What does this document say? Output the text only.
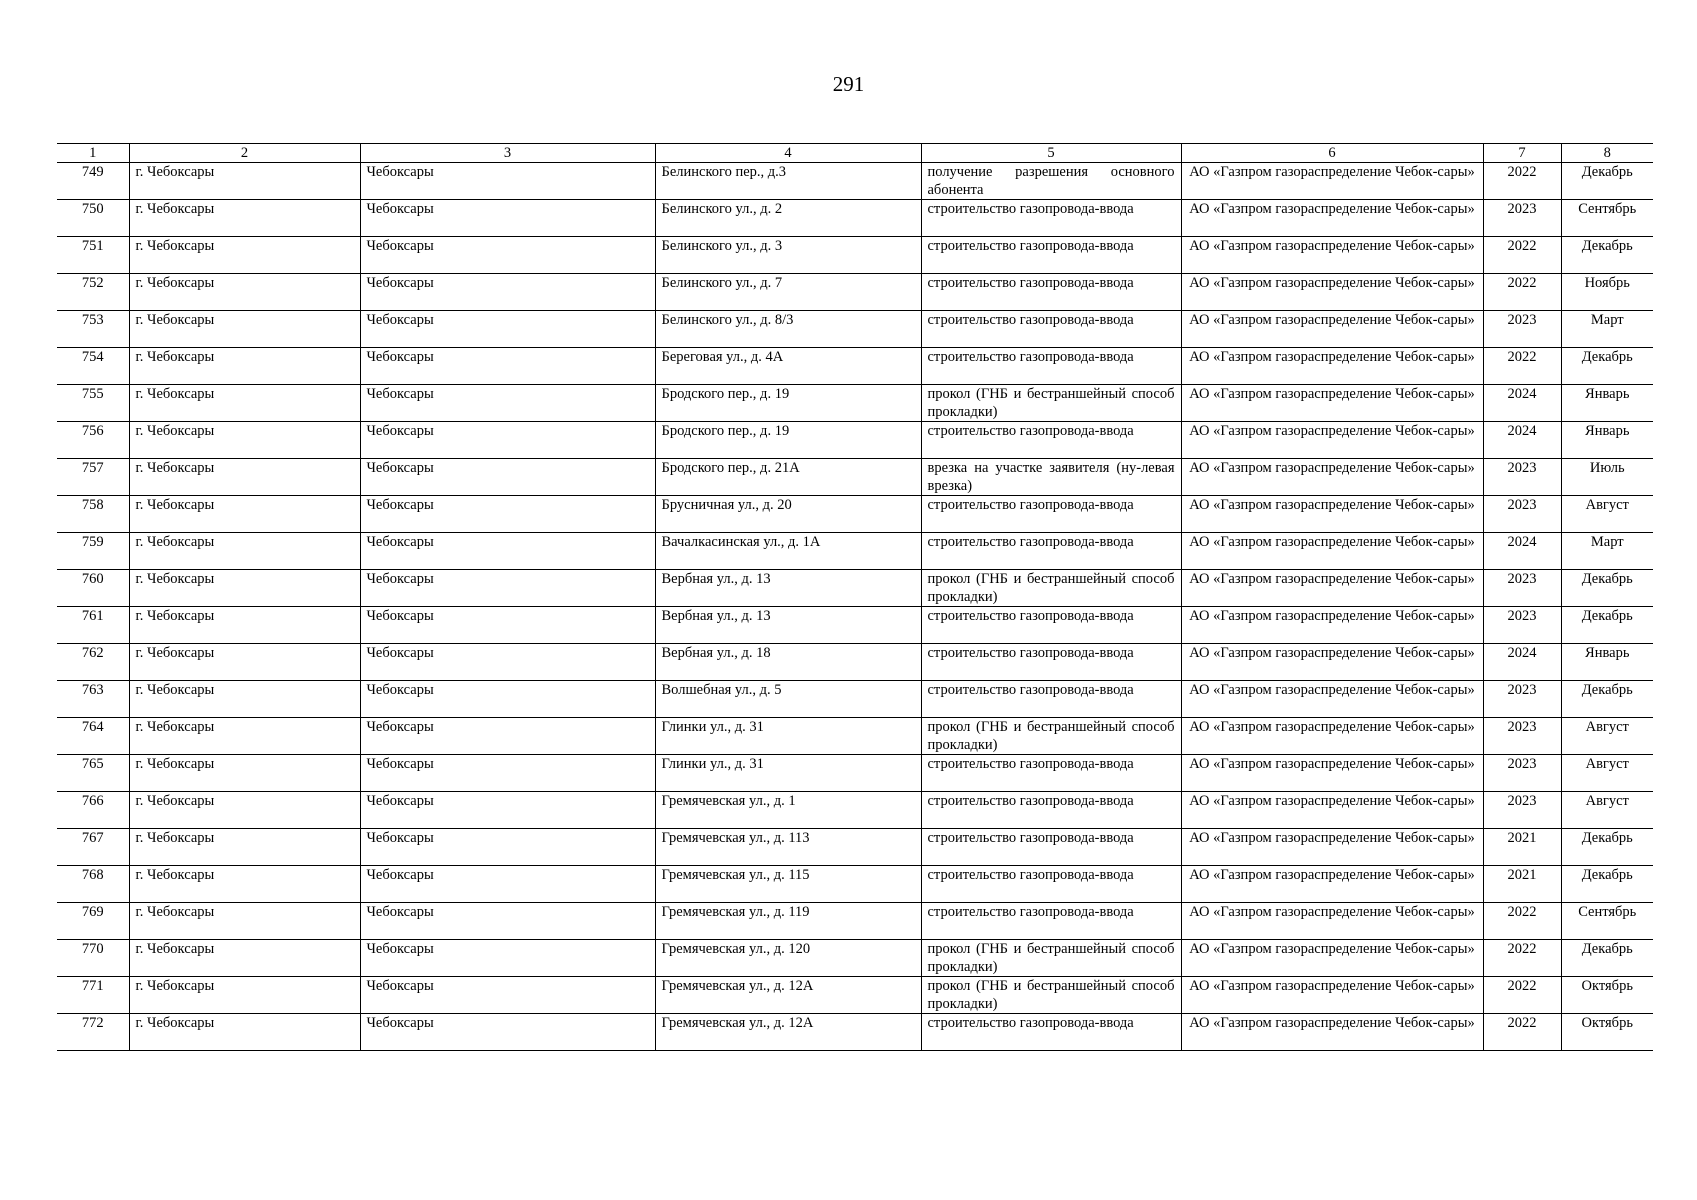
291
1	2	3	4	5	6	7	8
749	г. Чебоксары	Чебоксары	Белинского пер., д.3	получение разрешения основного абонента	АО «Газпром газораспределение Чебок-сары»	2022	Декабрь
750	г. Чебоксары	Чебоксары	Белинского ул., д. 2	строительство газопровода-ввода	АО «Газпром газораспределение Чебок-сары»	2023	Сентябрь
751	г. Чебоксары	Чебоксары	Белинского ул., д. 3	строительство газопровода-ввода	АО «Газпром газораспределение Чебок-сары»	2022	Декабрь
752	г. Чебоксары	Чебоксары	Белинского ул., д. 7	строительство газопровода-ввода	АО «Газпром газораспределение Чебок-сары»	2022	Ноябрь
753	г. Чебоксары	Чебоксары	Белинского ул., д. 8/3	строительство газопровода-ввода	АО «Газпром газораспределение Чебок-сары»	2023	Март
754	г. Чебоксары	Чебоксары	Береговая ул., д. 4А	строительство газопровода-ввода	АО «Газпром газораспределение Чебок-сары»	2022	Декабрь
755	г. Чебоксары	Чебоксары	Бродского пер., д. 19	прокол (ГНБ и бестраншейный способ прокладки)	АО «Газпром газораспределение Чебок-сары»	2024	Январь
756	г. Чебоксары	Чебоксары	Бродского пер., д. 19	строительство газопровода-ввода	АО «Газпром газораспределение Чебок-сары»	2024	Январь
757	г. Чебоксары	Чебоксары	Бродского пер., д. 21А	врезка на участке заявителя (ну-левая врезка)	АО «Газпром газораспределение Чебок-сары»	2023	Июль
758	г. Чебоксары	Чебоксары	Брусничная ул., д. 20	строительство газопровода-ввода	АО «Газпром газораспределение Чебок-сары»	2023	Август
759	г. Чебоксары	Чебоксары	Вачалкасинская ул., д. 1А	строительство газопровода-ввода	АО «Газпром газораспределение Чебок-сары»	2024	Март
760	г. Чебоксары	Чебоксары	Вербная ул., д. 13	прокол (ГНБ и бестраншейный способ прокладки)	АО «Газпром газораспределение Чебок-сары»	2023	Декабрь
761	г. Чебоксары	Чебоксары	Вербная ул., д. 13	строительство газопровода-ввода	АО «Газпром газораспределение Чебок-сары»	2023	Декабрь
762	г. Чебоксары	Чебоксары	Вербная ул., д. 18	строительство газопровода-ввода	АО «Газпром газораспределение Чебок-сары»	2024	Январь
763	г. Чебоксары	Чебоксары	Волшебная ул., д. 5	строительство газопровода-ввода	АО «Газпром газораспределение Чебок-сары»	2023	Декабрь
764	г. Чебоксары	Чебоксары	Глинки ул., д. 31	прокол (ГНБ и бестраншейный способ прокладки)	АО «Газпром газораспределение Чебок-сары»	2023	Август
765	г. Чебоксары	Чебоксары	Глинки ул., д. 31	строительство газопровода-ввода	АО «Газпром газораспределение Чебок-сары»	2023	Август
766	г. Чебоксары	Чебоксары	Гремячевская ул., д. 1	строительство газопровода-ввода	АО «Газпром газораспределение Чебок-сары»	2023	Август
767	г. Чебоксары	Чебоксары	Гремячевская ул., д. 113	строительство газопровода-ввода	АО «Газпром газораспределение Чебок-сары»	2021	Декабрь
768	г. Чебоксары	Чебоксары	Гремячевская ул., д. 115	строительство газопровода-ввода	АО «Газпром газораспределение Чебок-сары»	2021	Декабрь
769	г. Чебоксары	Чебоксары	Гремячевская ул., д. 119	строительство газопровода-ввода	АО «Газпром газораспределение Чебок-сары»	2022	Сентябрь
770	г. Чебоксары	Чебоксары	Гремячевская ул., д. 120	прокол (ГНБ и бестраншейный способ прокладки)	АО «Газпром газораспределение Чебок-сары»	2022	Декабрь
771	г. Чебоксары	Чебоксары	Гремячевская ул., д. 12А	прокол (ГНБ и бестраншейный способ прокладки)	АО «Газпром газораспределение Чебок-сары»	2022	Октябрь
772	г. Чебоксары	Чебоксары	Гремячевская ул., д. 12А	строительство газопровода-ввода	АО «Газпром газораспределение Чебок-сары»	2022	Октябрь
